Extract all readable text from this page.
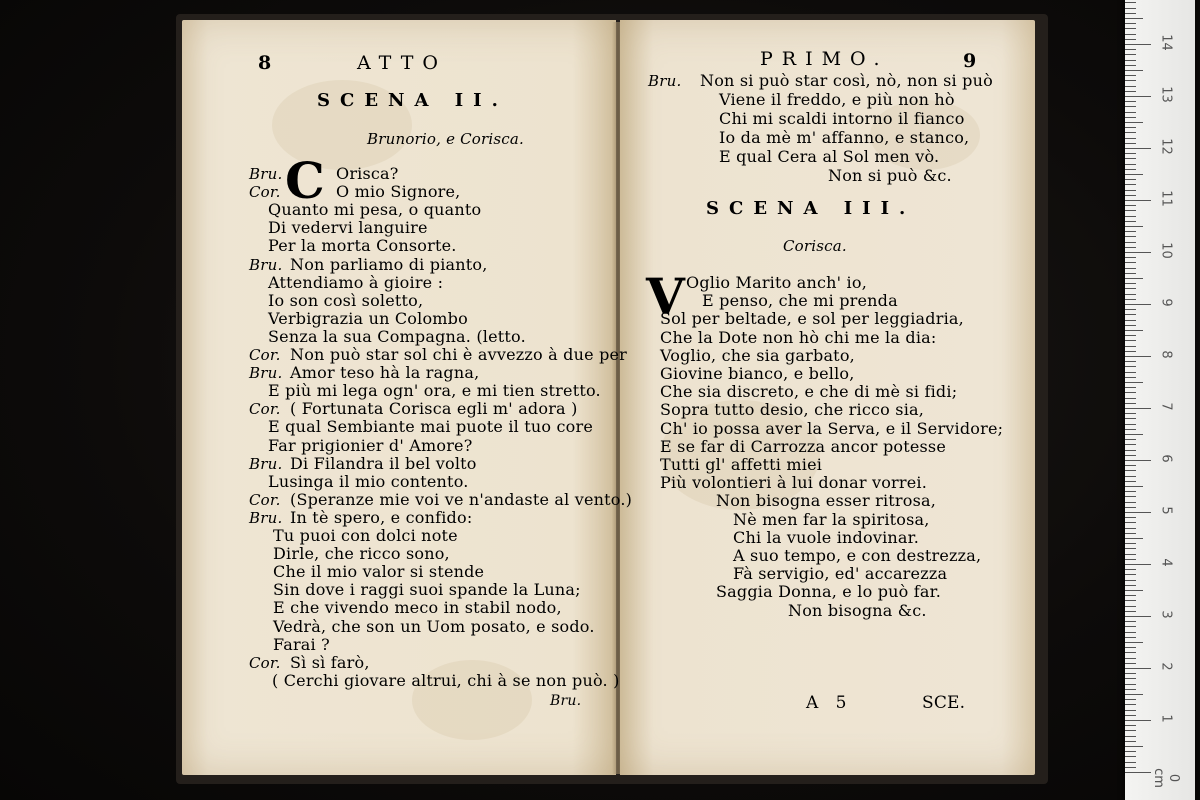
8	ATTO
SCENA II.
Brunorio, e Corisca.
C
Bru.	Orisca?
Cor.	O mio Signore,
Quanto mi pesa, o quanto
Di vedervi languire
Per la morta Consorte.
Bru. Non parliamo di pianto,
Attendiamo à gioire :
Io son così soletto,
Verbigrazia un Colombo
Senza la sua Compagna. (letto.
Cor. Non può star sol chi è avvezzo à due per
Bru. Amor teso hà la ragna,
E più mi lega ogn' ora, e mi tien stretto.
Cor. ( Fortunata Corisca egli m' adora )
E qual Sembiante mai puote il tuo core
Far prigionier d' Amore?
Bru. Di Filandra il bel volto
Lusinga il mio contento.
Cor. (Speranze mie voi ve n'andaste al vento.)
Bru. In tè spero, e confido:
Tu puoi con dolci note
Dirle, che ricco sono,
Che il mio valor si stende
Sin dove i raggi suoi spande la Luna;
E che vivendo meco in stabil nodo,
Vedrà, che son un Uom posato, e sodo.
Farai ?
Cor. Sì sì farò,
( Cerchi giovare altrui, chi à se non può. )
Bru.
PRIMO.	9
Bru. Non si può star così, nò, non si può
Viene il freddo, e più non hò
Chi mi scaldi intorno il fianco
Io da mè m' affanno, e stanco,
E qual Cera al Sol men vò.
Non si può &c.
SCENA III.
Corisca.
V Oglio Marito anch' io,
E penso, che mi prenda
Sol per beltade, e sol per leggiadria,
Che la Dote non hò chi me la dia:
Voglio, che sia garbato,
Giovine bianco, e bello,
Che sia discreto, e che di mè si fidi;
Sopra tutto desio, che ricco sia,
Ch' io possa aver la Serva, e il Servidore;
E se far di Carrozza ancor potesse
Tutti gl' affetti miei
Più volontieri à lui donar vorrei.
Non bisogna esser ritrosa,
Nè men far la spiritosa,
Chi la vuole indovinar.
A suo tempo, e con destrezza,
Fà servigio, ed' accarezza
Saggia Donna, e lo può far.
Non bisogna &c.
A 5	SCE.
0 cm
1
2
3
4
5
6
7
8
9
10
11
12
13
14
